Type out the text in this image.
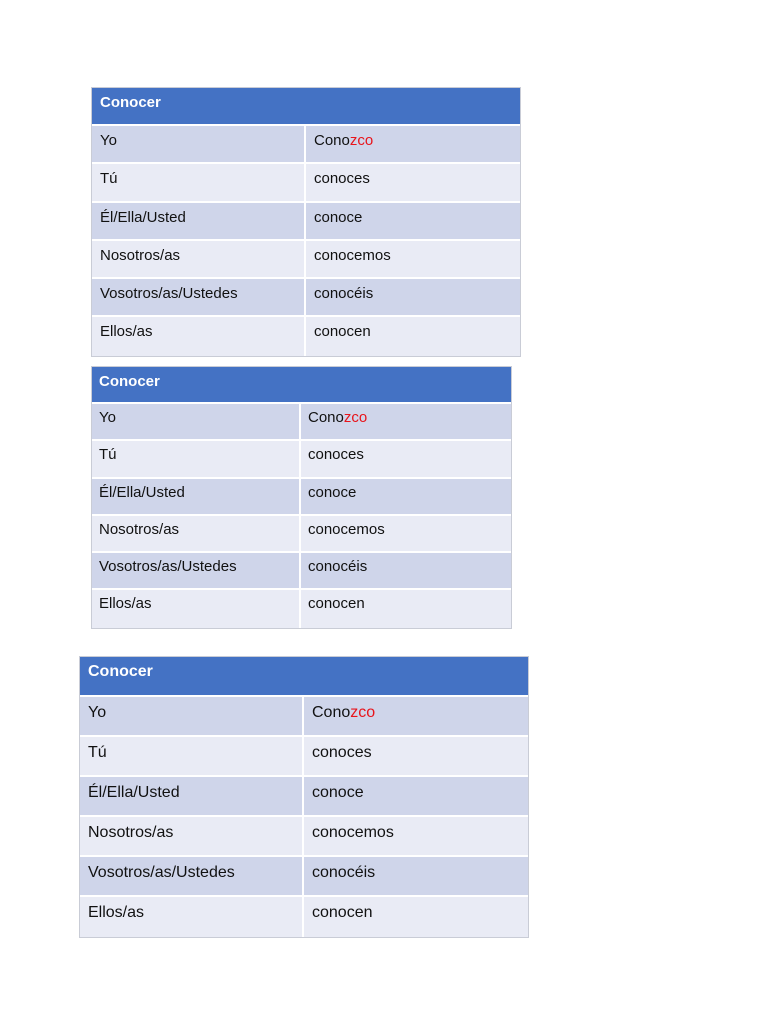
Conocer
Yo	Conozco
Tú	conoces
Él/Ella/Usted	conoce
Nosotros/as	conocemos
Vosotros/as/Ustedes	conocéis
Ellos/as	conocen
Conocer
Yo	Conozco
Tú	conoces
Él/Ella/Usted	conoce
Nosotros/as	conocemos
Vosotros/as/Ustedes	conocéis
Ellos/as	conocen
Conocer
Yo	Conozco
Tú	conoces
Él/Ella/Usted	conoce
Nosotros/as	conocemos
Vosotros/as/Ustedes	conocéis
Ellos/as	conocen
